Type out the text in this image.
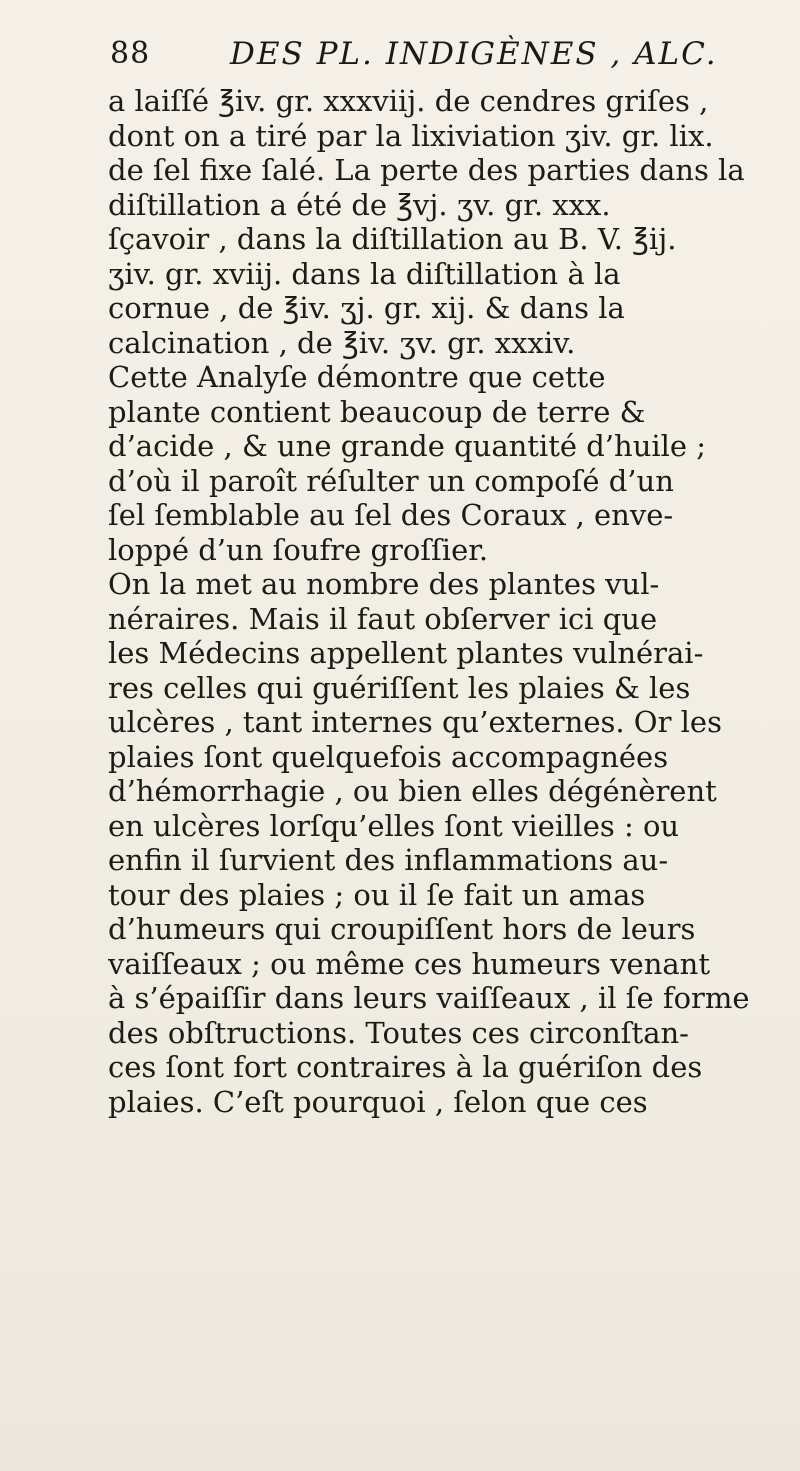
88	DES PL. INDIGÈNES , ALC.
a laiſſé ℥iv. gr. xxxviij. de cendres griſes ,
dont on a tiré par la lixiviation ʒiv. gr. lix.
de ſel fixe ſalé. La perte des parties dans la
diſtillation a été de ℥vj. ʒv. gr. xxx.
ſçavoir , dans la diſtillation au B. V. ℥ij.
ʒiv. gr. xviij. dans la diſtillation à la
cornue , de ℥iv. ʒj. gr. xij. & dans la
calcination , de ℥iv. ʒv. gr. xxxiv.
Cette Analyſe démontre que cette
plante contient beaucoup de terre &
d’acide , & une grande quantité d’huile ;
d’où il paroît réſulter un compoſé d’un
ſel ſemblable au ſel des Coraux , enve-
loppé d’un ſoufre groſſier.
On la met au nombre des plantes vul-
néraires. Mais il faut obſerver ici que
les Médecins appellent plantes vulnérai-
res celles qui guériſſent les plaies & les
ulcères , tant internes qu’externes. Or les
plaies ſont quelquefois accompagnées
d’hémorrhagie , ou bien elles dégénèrent
en ulcères lorſqu’elles ſont vieilles : ou
enfin il ſurvient des inflammations au-
tour des plaies ; ou il ſe fait un amas
d’humeurs qui croupiſſent hors de leurs
vaiſſeaux ; ou même ces humeurs venant
à s’épaiſſir dans leurs vaiſſeaux , il ſe forme
des obſtructions. Toutes ces circonſtan-
ces ſont fort contraires à la guériſon des
plaies. C’eſt pourquoi , ſelon que ces
